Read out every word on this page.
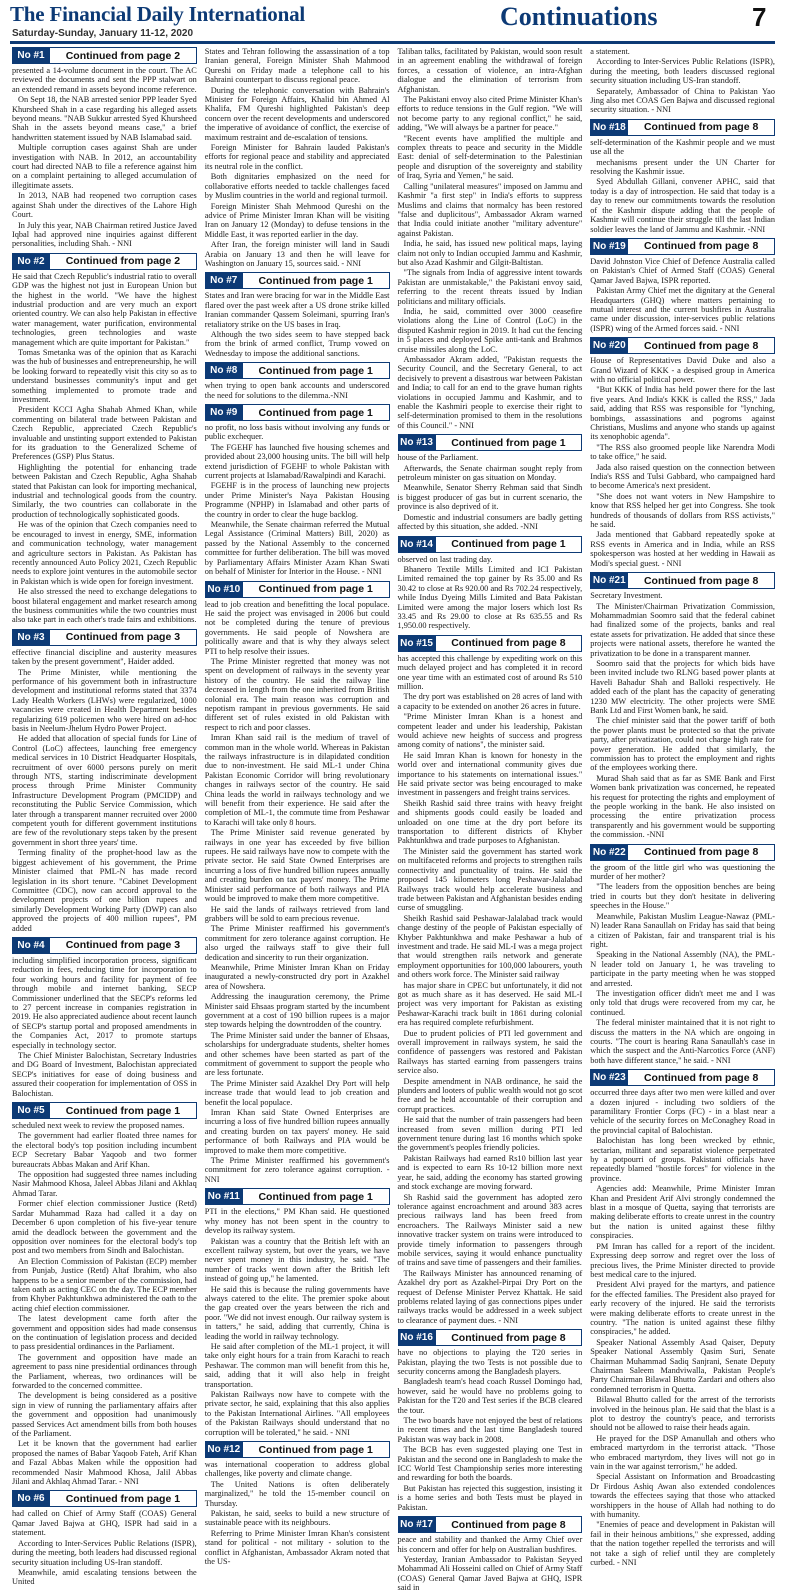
The Financial Daily International
Saturday-Sunday, January 11-12, 2020
Continuations	7
No #1	Continued from page 2

presented a 14-volume document in the court. The AC reviewed the documents and sent the PPP stalwart on an extended remand in assets beyond income reference.

On Sept 18, the NAB arrested senior PPP leader Syed Khursheed Shah in a case regarding his alleged assets beyond means. "NAB Sukkur arrested Syed Khursheed Shah in the assets beyond means case," a brief handwritten statement issued by NAB Islamabad said.

Multiple corruption cases against Shah are under investigation with NAB. In 2012, an accountability court had directed NAB to file a reference against him on a complaint pertaining to alleged accumulation of illegitimate assets.

In 2013, NAB had reopened two corruption cases against Shah under the directives of the Lahore High Court.

In July this year, NAB Chairman retired Justice Javed Iqbal had approved nine inquiries against different personalities, including Shah. - NNI

No #2	Continued from page 2

He said that Czech Republic's industrial ratio to overall GDP was the highest not just in European Union but the highest in the world. "We have the highest industrial production and are very much an export oriented country. We can also help Pakistan in effective water management, water purification, environmental technologies, green technologies and waste management which are quite important for Pakistan."

Tomas Smetanka was of the opinion that as Karachi was the hub of businesses and entrepreneurship, he will be looking forward to repeatedly visit this city so as to understand businesses community's input and get something implemented to promote trade and investment.

President KCCI Agha Shahab Ahmed Khan, while commenting on bilateral trade between Pakistan and Czech Republic, appreciated Czech Republic's invaluable and unstinting support extended to Pakistan for its graduation to the Generalized Scheme of Preferences (GSP) Plus Status.

Highlighting the potential for enhancing trade between Pakistan and Czech Republic, Agha Shahab stated that Pakistan can look for importing mechanical, industrial and technological goods from the country. Similarly, the two countries can collaborate in the production of technologically sophisticated goods.

He was of the opinion that Czech companies need to be encouraged to invest in energy, SME, information and communication technology, water management and agriculture sectors in Pakistan. As Pakistan has recently announced Auto Policy 2021, Czech Republic needs to explore joint ventures in the automobile sector in Pakistan which is wide open for foreign investment.

He also stressed the need to exchange delegations to boost bilateral engagement and market research among the business communities while the two countries must also take part in each other's trade fairs and exhibitions.

No #3	Continued from page 3

effective financial discipline and austerity measures taken by the present government", Haider added.

The Prime Minister, while mentioning the performance of his government both in infrastructure development and institutional reforms stated that 3374 Lady Health Workers (LHWs) were regularized, 1000 vacancies were created in Health Department besides regularizing 619 policemen who were hired on ad-hoc basis in Neelum-Jhelum Hydro Power Project.

He added that allocation of special funds for Line of Control (LoC) affectees, launching free emergency medical services in 10 District Headquarter Hospitals, recruitment of over 6000 persons purely on merit through NTS, starting indiscriminate development process through Prime Minister Community Infrastructure Development Program (PMCIDP) and reconstituting the Public Service Commission, which later through a transparent manner recruited over 2000 competent youth for different government institutions are few of the revolutionary steps taken by the present government in short three years' time.

Terming finality of the prophet-hood law as the biggest achievement of his government, the Prime Minister claimed that PML-N has made record legislation in its short tenure. "Cabinet Development Committee (CDC), now can accord approval to the development projects of one billion rupees and similarly Development Working Party (DWP) can also approved the projects of 400 million rupees", PM added

No #4	Continued from page 3

including simplified incorporation process, significant reduction in fees, reducing time for incorporation to four working hours and facility for payment of fee through mobile and internet banking, SECP Commissioner underlined that the SECP's reforms led to 27 percent increase in companies registration in 2019. He also appreciated audience about recent launch of SECP's startup portal and proposed amendments in the Companies Act, 2017 to promote startups especially in technology sector.

The Chief Minister Balochistan, Secretary Industries and DG Board of Investment, Balochistan appreciated SECP's initiatives for ease of doing business and assured their cooperation for implementation of OSS in Balochistan.

No #5	Continued from page 1

scheduled next week to review the proposed names.

The government had earlier floated three names for the electoral body's top position including incumbent ECP Secretary Babar Yaqoob and two former bureaucrats Abbas Makan and Arif Khan.

The opposition had suggested three names including Nasir Mahmood Khosa, Jaleel Abbas Jilani and Akhlaq Ahmad Tarar.

Former chief election commissioner Justice (Retd) Sardar Muhammad Raza had called it a day on December 6 upon completion of his five-year tenure amid the deadlock between the government and the opposition over nominees for the electoral body's top post and two members from Sindh and Balochistan.

An Election Commission of Pakistan (ECP) member from Punjab, Justice (Retd) Altaf Ibrahim, who also happens to be a senior member of the commission, had taken oath as acting CEC on the day. The ECP member from Khyber Pakhtunkhwa administered the oath to the acting chief election commissioner.

The latest development came forth after the government and opposition sides had made consensus on the continuation of legislation process and decided to pass presidential ordinances in the Parliament.

The government and opposition have made an agreement to pass nine presidential ordinances through the Parliament, whereas, two ordinances will be forwarded to the concerned committee.

The development is being considered as a positive sign in view of running the parliamentary affairs after the government and opposition had unanimously passed Services Act amendment bills from both houses of the Parliament.

Let it be known that the government had earlier proposed the names of Babar Yaqoob Fateh, Arif Khan and Fazal Abbas Maken while the opposition had recommended Nasir Mahmood Khosa, Jalil Abbas Jilani and Akhlaq Ahmad Tarar. - NNI

No #6	Continued from page 1

had called on Chief of Army Staff (COAS) General Qamar Javed Bajwa at GHQ, ISPR had said in a statement.

According to Inter-Services Public Relations (ISPR), during the meeting, both leaders had discussed regional security situation including US-Iran standoff.

Meanwhile, amid escalating tensions between the United

States and Tehran following the assassination of a top Iranian general, Foreign Minister Shah Mahmood Qureshi on Friday made a telephone call to his Bahraini counterpart to discuss regional peace.

During the telephonic conversation with Bahrain's Minister for Foreign Affairs, Khalid bin Ahmed Al Khalifa, FM Qureshi highlighted Pakistan's deep concern over the recent developments and underscored the imperative of avoidance of conflict, the exercise of maximum restraint and de-escalation of tensions.

Foreign Minister for Bahrain lauded Pakistan's efforts for regional peace and stability and appreciated its neutral role in the conflict.

Both dignitaries emphasized on the need for collaborative efforts needed to tackle challenges faced by Muslim countries in the world and regional turmoil.

Foreign Minister Shah Mehmood Qureshi on the advice of Prime Minister Imran Khan will be visiting Iran on January 12 (Monday) to defuse tensions in the Middle East, it was reported earlier in the day.

After Iran, the foreign minister will land in Saudi Arabia on January 13 and then he will leave for Washington on January 15, sources said. - NNI

No #7	Continued from page 1

States and Iran were bracing for war in the Middle East flared over the past week after a US drone strike killed Iranian commander Qassem Soleimani, spurring Iran's retaliatory strike on the US bases in Iraq.

Although the two sides seem to have stepped back from the brink of armed conflict, Trump vowed on Wednesday to impose the additional sanctions.

No #8	Continued from page 1

when trying to open bank accounts and underscored the need for solutions to the dilemma.-NNI

No #9	Continued from page 1

no profit, no loss basis without involving any funds or public exchequer.

The FGEHF has launched five housing schemes and provided about 23,000 housing units. The bill will help extend jurisdiction of FGEHF to whole Pakistan with current projects at Islamabad/Rawalpindi and Karachi.

FGEHF is in the process of launching new projects under Prime Minister's Naya Pakistan Housing Programme (NPHP) in Islamabad and other parts of the country in order to clear the huge backlog.

Meanwhile, the Senate chairman referred the Mutual Legal Assistance (Criminal Matters) Bill, 2020) as passed by the National Assembly to the concerned committee for further deliberation. The bill was moved by Parliamentary Affairs Minister Azam Khan Swati on behalf of Minister for Interior in the House. - NNI

No #10	Continued from page 1

lead to job creation and benefitting the local populace. He said the project was envisaged in 2006 but could not be completed during the tenure of previous governments. He said people of Nowshera are politically aware and that is why they always select PTI to help resolve their issues.

The Prime Minister regretted that money was not spent on development of railways in the seventy year history of the country. He said the railway line decreased in length from the one inherited from British colonial era. The main reason was corruption and nepotism rampant in previous governments. He said different set of rules existed in old Pakistan with respect to rich and poor classes.

Imran Khan said rail is the medium of travel of common man in the whole world. Whereas in Pakistan the railways infrastructure is in dilapidated condition due to non-investment. He said ML-1 under China Pakistan Economic Corridor will bring revolutionary changes in railways sector of the country. He said China leads the world in railways technology and we will benefit from their experience. He said after the completion of ML-1, the commute time from Peshawar to Karachi will take only 8 hours.

The Prime Minister said revenue generated by railways in one year has exceeded by five billion rupees. He said railways have now to compete with the private sector. He said State Owned Enterprises are incurring a loss of five hundred billion rupees annually and creating burden on tax payers' money. The Prime Minister said performance of both railways and PIA would be improved to make them more competitive.

He said the lands of railways retrieved from land grabbers will be sold to earn precious revenue.

The Prime Minister reaffirmed his government's commitment for zero tolerance against corruption. He also urged the railways staff to give their full dedication and sincerity to run their organization.

Meanwhile, Prime Minister Imran Khan on Friday inaugurated a newly-constructed dry port in Azakhel area of Nowshera.

Addressing the inauguration ceremony, the Prime Minister said Ehsaas program started by the incumbent government at a cost of 190 billion rupees is a major step towards helping the downtrodden of the country.

The Prime Minister said under the banner of Ehsaas, scholarships for undergraduate students, shelter homes and other schemes have been started as part of the commitment of government to support the people who are less fortunate.

The Prime Minister said Azakhel Dry Port will help increase trade that would lead to job creation and benefit the local populace.

Imran Khan said State Owned Enterprises are incurring a loss of five hundred billion rupees annually and creating burden on tax payers' money. He said performance of both Railways and PIA would be improved to make them more competitive.

The Prime Minister reaffirmed his government's commitment for zero tolerance against corruption. - NNI

No #11	Continued from page 1

PTI in the elections," PM Khan said. He questioned why money has not been spent in the country to develop its railway system.

Pakistan was a country that the British left with an excellent railway system, but over the years, we have never spent money in this industry, he said. "The number of tracks went down after the British left instead of going up," he lamented.

He said this is because the ruling governments have always catered to the elite. The premier spoke about the gap created over the years between the rich and poor. "We did not invest enough. Our railway system is in tatters," he said, adding that currently, China is leading the world in railway technology.

He said after completion of the ML-1 project, it will take only eight hours for a train from Karachi to reach Peshawar. The common man will benefit from this he, said, adding that it will also help in freight transportation.

Pakistan Railways now have to compete with the private sector, he said, explaining that this also applies to the Pakistan International Airlines. "All employees of the Pakistan Railways should understand that no corruption will be tolerated," he said. - NNI

No #12	Continued from page 1

was international cooperation to address global challenges, like poverty and climate change.

The United Nations is often deliberately marginalized," he told the 15-member council on Thursday.

Pakistan, he said, seeks to build a new structure of sustainable peace with its neighbours.

Referring to Prime Minister Imran Khan's consistent stand for political - not military - solution to the conflict in Afghanistan, Ambassador Akram noted that the US-

Taliban talks, facilitated by Pakistan, would soon result in an agreement enabling the withdrawal of foreign forces, a cessation of violence, an intra-Afghan dialogue and the elimination of terrorism from Afghanistan.

The Pakistani envoy also cited Prime Minister Khan's efforts to reduce tensions in the Gulf region. "We will not become party to any regional conflict," he said, adding, "We will always be a partner for peace."

"Recent events have amplified the multiple and complex threats to peace and security in the Middle East: denial of self-determination to the Palestinian people and disruption of the sovereignty and stability of Iraq, Syria and Yemen," he said.

Calling "unilateral measures" imposed on Jammu and Kashmir "a first step" in India's efforts to suppress Muslims and claims that normalcy has been restored "false and duplicitous", Ambassador Akram warned that India could initiate another "military adventure" against Pakistan.

India, he said, has issued new political maps, laying claim not only to Indian occupied Jammu and Kashmir, but also Azad Kashmir and Gilgit-Baltistan.

"The signals from India of aggressive intent towards Pakistan are unmistakable," the Pakistani envoy said, referring to the recent threats issued by Indian politicians and military officials.

India, he said, committed over 3000 ceasefire violations along the Line of Control (LoC) in the disputed Kashmir region in 2019. It had cut the fencing in 5 places and deployed Spike anti-tank and Brahmos cruise missiles along the LoC.

Ambassador Akram added, "Pakistan requests the Security Council, and the Secretary General, to act decisively to prevent a disastrous war between Pakistan and India; to call for an end to the grave human rights violations in occupied Jammu and Kashmir, and to enable the Kashmiri people to exercise their right to self-determination promised to them in the resolutions of this Council." - NNI

No #13	Continued from page 1

house of the Parliament.

Afterwards, the Senate chairman sought reply from petroleum minister on gas situation on Monday.

Meanwhile, Senator Sherry Rehman said that Sindh is biggest producer of gas but in current scenario, the province is also deprived of it.

Domestic and industrial consumers are badly getting affected by this situation, she added. -NNI

No #14	Continued from page 1

observed on last trading day.

Bhanero Textile Mills Limited and ICI Pakistan Limited remained the top gainer by Rs 35.00 and Rs 30.42 to close at Rs 920.00 and Rs 702.24 respectively, while Indus Dyeing Mills Limited and Bata Pakistan Limited were among the major losers which lost Rs 33.45 and Rs 29.00 to close at Rs 635.55 and Rs 1,950.00 respectively.

No #15	Continued from page 8

has accepted this challenge by expediting work on this much delayed project and has completed it in record one year time with an estimated cost of around Rs 510 million.

The dry port was established on 28 acres of land with a capacity to be extended on another 26 acres in future.

"Prime Minister Imran Khan is a honest and competent leader and under his leadership, Pakistan would achieve new heights of success and progress among comity of nations", the minister said.

He said Imran Khan is known for honesty in the world over and international community gives due importance to his statements on international issues." He said private sector was being encouraged to make investment in passengers and freight trains services.

Sheikh Rashid said three trains with heavy freight and shipments goods could easily be loaded and unloaded on one time at the dry port before its transportation to different districts of Khyber Pakhtunkhwa and trade purposes to Afghanistan.

The Minister said the government has started work on multifaceted reforms and projects to strengthen rails connectivity and punctuality of trains. He said the proposed 145 kilometers long Peshawar-Jalalabad Railways track would help accelerate business and trade between Pakistan and Afghanistan besides ending curse of smuggling.

Sheikh Rashid said Peshawar-Jalalabad track would change destiny of the people of Pakistan especially of Khyber Pakhtunkhwa and make Peshawar a hub of investment and trade. He said ML-I was a mega project that would strengthen rails network and generate employment opportunities for 100,000 labourers, youth and others work force. The Minister said railway

has major share in CPEC but unfortunately, it did not got as much share as it has deserved. He said ML-I project was very important for Pakistan as existing Peshawar-Karachi track built in 1861 during colonial era has required complete refurbishment.

Due to prudent policies of PTI led government and overall improvement in railways system, he said the confidence of passengers was restored and Pakistan Railways has started earning from passengers trains service also.

Despite amendment in NAB ordinance, he said the plunders and looters of public wealth would not go scot free and be held accountable of their corruption and corrupt practices.

He said that the number of train passengers had been increased from seven million during PTI led government tenure during last 16 months which spoke the government's peoples friendly policies.

Pakistan Railways had earned Rs10 billion last year and is expected to earn Rs 10-12 billion more next year, he said, adding the economy has started growing and stock exchange are moving forward.

Sh Rashid said the government has adopted zero tolerance against encroachment and around 383 acres precious railways land has been freed from encroachers. The Railways Minister said a new innovative tracker system on trains were introduced to provide timely information to passengers through mobile services, saying it would enhance punctuality of trains and save time of passengers and their families.

The Railways Minister has announced renaming of Azakhel dry port as Azakhel-Pirpai Dry Port on the request of Defense Minister Pervez Khattak. He said problems related laying of gas connections pipes under railways tracks would be addressed in a week subject to clearance of payment dues. - NNI

No #16	Continued from page 8

have no objections to playing the T20 series in Pakistan, playing the two Tests is not possible due to security concerns among the Bangladesh players.

Bangladesh team's head coach Russel Domingo had, however, said he would have no problems going to Pakistan for the T20 and Test series if the BCB cleared the tour.

The two boards have not enjoyed the best of relations in recent times and the last time Bangladesh toured Pakistan was way back in 2008.

The BCB has even suggested playing one Test in Pakistan and the second one in Bangladesh to make the ICC World Test Championship series more interesting and rewarding for both the boards.

But Pakistan has rejected this suggestion, insisting it is a home series and both Tests must be played in Pakistan.

No #17	Continued from page 8

peace and stability and thanked the Army Chief over his concern and offer for help on Australian bushfires.

Yesterday, Iranian Ambassador to Pakistan Seyyed Mohammad Ali Hosseini called on Chief of Army Staff (COAS) General Qamar Javed Bajwa at GHQ, ISPR said in

a statement.

According to Inter-Services Public Relations (ISPR), during the meeting, both leaders discussed regional security situation including US-Iran standoff.

Separately, Ambassador of China to Pakistan Yao Jing also met COAS Gen Bajwa and discussed regional security situation. - NNI

No #18	Continued from page 8

self-determination of the Kashmir people and we must use all the

mechanisms present under the UN Charter for resolving the Kashmir issue.

Syed Abdullah Gillani, convener APHC, said that today is a day of introspection. He said that today is a day to renew our commitments towards the resolution of the Kashmir dispute adding that the people of Kashmir will continue their struggle till the last Indian soldier leaves the land of Jammu and Kashmir. -NNI

No #19	Continued from page 8

David Johnston Vice Chief of Defence Australia called on Pakistan's Chief of Armed Staff (COAS) General Qamar Javed Bajwa, ISPR reported.

Pakistan Army Chief met the dignitary at the General Headquarters (GHQ) where matters pertaining to mutual interest and the current bushfires in Australia came under discussion, inter-services public relations (ISPR) wing of the Armed forces said. - NNI

No #20	Continued from page 8

House of Representatives David Duke and also a Grand Wizard of KKK - a despised group in America with no official political power.

"But KKK of India has held power there for the last five years. And India's KKK is called the RSS," Jada said, adding that RSS was responsible for "lynching, bombings, assassinations and pogroms against Christians, Muslims and anyone who stands up against its xenophobic agenda".

"The RSS also groomed people like Narendra Modi to take office," he said.

Jada also raised question on the connection between India's RSS and Tulsi Gabbard, who campaigned hard to become America's next president.

"She does not want voters in New Hampshire to know that RSS helped her get into Congress. She took hundreds of thousands of dollars from RSS activists," he said.

Jada mentioned that Gabbard repeatedly spoke at RSS events in America and in India, while an RSS spokesperson was hosted at her wedding in Hawaii as Modi's special guest. - NNI

No #21	Continued from page 8

Secretary Investment.

The Minister/Chairman Privatization Commission, Mohammadmian Soomro said that the federal cabinet had finalized some of the projects, banks and real estate assets for privatization. He added that since these projects were national assets, therefore he wanted the privatization to be done in a transparent manner.

Soomro said that the projects for which bids have been invited include two RLNG based power plants at Haveli Bahadur Shah and Balloki respectively. He added each of the plant has the capacity of generating 1230 MW electricity. The other projects were SME Bank Ltd and First Women bank, he said.

The chief minister said that the power tariff of both the power plants must be protected so that the private party, after privatization, could not charge high rate for power generation. He added that similarly, the commission has to protect the employment and rights of the employees working there.

Murad Shah said that as far as SME Bank and First Women bank privatization was concerned, he repeated his request for protecting the rights and employment of the people working in the bank. He also insisted on processing the entire privatization process transparently and his government would be supporting the commission. -NNI

No #22	Continued from page 8

the groom of the little girl who was questioning the murder of her mother?

"The leaders from the opposition benches are being tried in courts but they don't hesitate in delivering speeches in the House."

Meanwhile, Pakistan Muslim League-Nawaz (PML-N) leader Rana Sanaullah on Friday has said that being a citizen of Pakistan, fair and transparent trial is his right.

Speaking in the National Assembly (NA), the PML-N leader told on January 1, he was traveling to participate in the party meeting when he was stopped and arrested.

The investigation officer didn't meet me and I was only told that drugs were recovered from my car, he continued.

The federal minister maintained that it is not right to discuss the matters in the NA which are ongoing in courts. "The court is hearing Rana Sanaullah's case in which the suspect and the Anti-Narcotics Force (ANF) both have different stance," he said. - NNI

No #23	Continued from page 8

occurred three days after two men were killed and over a dozen injured - including two soldiers of the paramilitary Frontier Corps (FC) - in a blast near a vehicle of the security forces on McConaghey Road in the provincial capital of Balochistan.

Balochistan has long been wrecked by ethnic, sectarian, militant and separatist violence perpetrated by a potpourri of groups. Pakistani officials have repeatedly blamed "hostile forces" for violence in the province.

Agencies add: Meanwhile, Prime Minister Imran Khan and President Arif Alvi strongly condemned the blast in a mosque of Quetta, saying that terrorists are making deliberate efforts to create unrest in the country but the nation is united against these filthy conspiracies.

PM Imran has called for a report of the incident. Expressing deep sorrow and regret over the loss of precious lives, the Prime Minister directed to provide best medical care to the injured.

President Alvi prayed for the martyrs, and patience for the effected families. The President also prayed for early recovery of the injured. He said the terrorists were making deliberate efforts to create unrest in the country. "The nation is united against these filthy conspiracies," he added.

Speaker National Assembly Asad Qaiser, Deputy Speaker National Assembly Qasim Suri, Senate Chairman Muhammad Sadiq Sanjrani, Senate Deputy Chairman Saleem Mandviwalla, Pakistan People's Party Chairman Bilawal Bhutto Zardari and others also condemned terrorism in Quetta.

Bilawal Bhutto called for the arrest of the terrorists involved in the heinous plan. He said that the blast is a plot to destroy the country's peace, and terrorists should not be allowed to raise their heads again.

He prayed for the DSP Amanullah and others who embraced martyrdom in the terrorist attack. "Those who embraced martyrdom, they lives will not go in vain in the war against terrorism," he added.

Special Assistant on Information and Broadcasting Dr Firdous Ashiq Awan also extended condolences towards the effectees saying that those who attacked worshippers in the house of Allah had nothing to do with humanity.

"Enemies of peace and development in Pakistan will fail in their heinous ambitions," she expressed, adding that the nation together repelled the terrorists and will not take a sigh of relief until they are completely curbed. - NNI
